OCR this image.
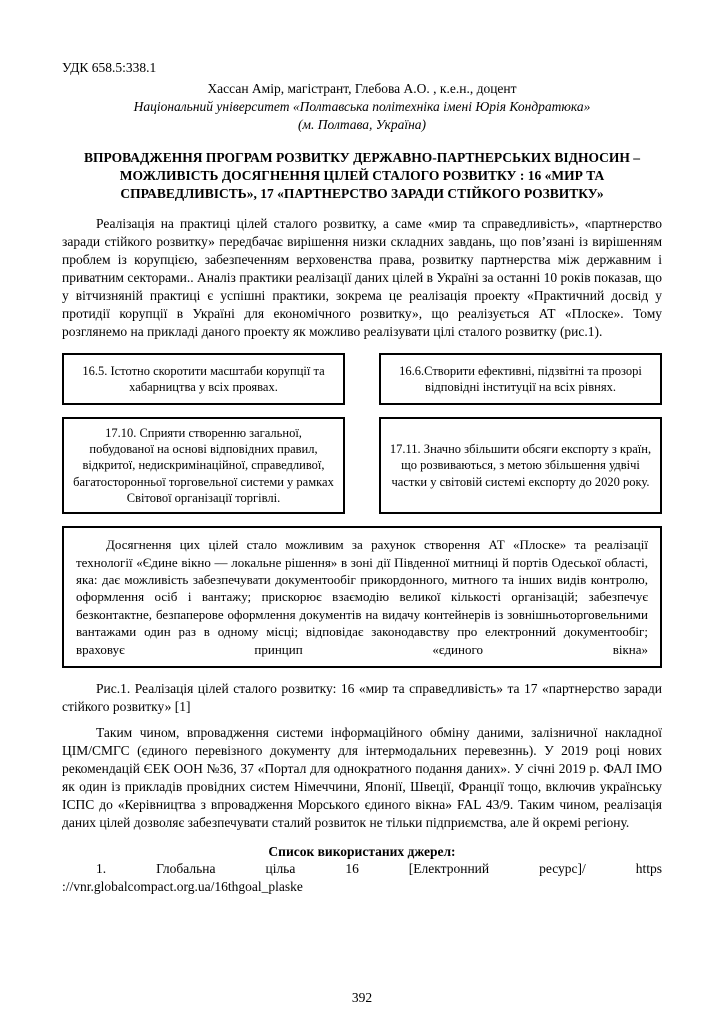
УДК 658.5:338.1
Хассан Амір, магістрант, Глебова А.О. , к.е.н., доцент
Національний університет «Полтавська політехніка імені Юрія Кондратюка»
(м. Полтава, Україна)
ВПРОВАДЖЕННЯ ПРОГРАМ РОЗВИТКУ ДЕРЖАВНО-ПАРТНЕРСЬКИХ ВІДНОСИН – МОЖЛИВІСТЬ ДОСЯГНЕННЯ ЦІЛЕЙ СТАЛОГО РОЗВИТКУ : 16 «МИР ТА СПРАВЕДЛИВІСТЬ», 17 «ПАРТНЕРСТВО ЗАРАДИ СТІЙКОГО РОЗВИТКУ»

Реалізація на практиці цілей сталого розвитку, а саме «мир та справедливість», «партнерство заради стійкого розвитку» передбачає вирішення низки складних завдань, що пов’язані із вирішенням проблем із корупцією, забезпеченням верховенства права, розвитку партнерства між державним і приватним секторами.. Аналіз практики реалізації даних цілей в Україні за останні 10 років показав, що у вітчизняній практиці є успішні практики, зокрема це реалізація проекту «Практичний досвід у протидії корупції в Україні для економічного розвитку», що реалізується АТ «Плоске». Тому розглянемо на прикладі даного проекту як можливо реалізувати цілі сталого розвитку (рис.1).

16.5. Істотно скоротити масштаби корупції та хабарництва у всіх проявах.
16.6.Створити ефективні, підзвітні та прозорі відповідні інституції на всіх рівнях.
17.10. Сприяти створенню загальної, побудованої на основі відповідних правил, відкритої, недискримінаційної, справедливої, багатосторонньої торговельної системи у рамках Світової організації торгівлі.
17.11. Значно збільшити обсяги експорту з країн, що розвиваються, з метою збільшення удвічі частки у світовій системі експорту до 2020 року.
Досягнення цих цілей стало можливим за рахунок створення АТ «Плоске» та реалізації технології «Єдине вікно — локальне рішення» в зоні дії Південної митниці й портів Одеської області, яка: дає можливість забезпечувати документообіг прикордонного, митного та інших видів контролю, оформлення осіб і вантажу; прискорює взаємодію великої кількості організацій; забезпечує безконтактне, безпаперове оформлення документів на видачу контейнерів із зовнішньоторговельними вантажами один раз в одному місці; відповідає законодавству про електронний документообіг; враховує принцип «єдиного вікна»
Рис.1. Реалізація цілей сталого розвитку: 16 «мир та справедливість» та 17 «партнерство заради стійкого розвитку» [1]

Таким чином, впровадження системи інформаційного обміну даними, залізничної накладної ЦІМ/СМГС (єдиного перевізного документу для інтермодальних перевезннь). У 2019 році нових рекомендацій ЄЕК ООН №36, 37 «Портал для однократного подання даних». У січні 2019 р. ФАЛ ІМО як один із прикладів провідних систем Німеччини, Японії, Швеції, Франції тощо, включив українську ІСПС до «Керівництва з впровадження Морського єдиного вікна» FAL 43/9. Таким чином, реалізація даних цілей дозволяє забезпечувати сталий розвиток не тільки підприємства, але й окремі регіону.

Список використаних джерел:
1. Глобальна цільa 16 [Електронний ресурс]/ https
://vnr.globalcompact.org.ua/16thgoal_plaske
392
